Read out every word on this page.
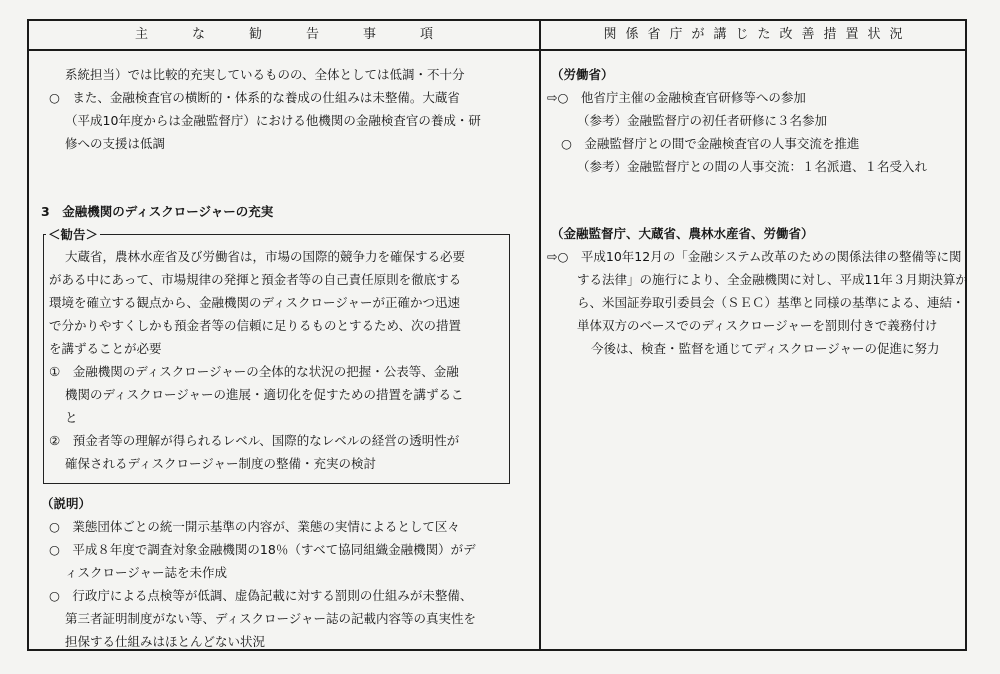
主な勧告事項	関係省庁が講じた改善措置状況
系統担当）では比較的充実しているものの、全体としては低調・不十分
○　また、金融検査官の横断的・体系的な養成の仕組みは未整備。大蔵省
（平成10年度からは金融監督庁）における他機関の金融検査官の養成・研
修への支援は低調
3　金融機関のディスクロージャーの充実
＜勧告＞
大蔵省，農林水産省及び労働省は，市場の国際的競争力を確保する必要
がある中にあって、市場規律の発揮と預金者等の自己責任原則を徹底する
環境を確立する観点から、金融機関のディスクロージャーが正確かつ迅速
で分かりやすくしかも預金者等の信頼に足りるものとするため、次の措置
を講ずることが必要
①　金融機関のディスクロージャーの全体的な状況の把握・公表等、金融
機関のディスクロージャーの進展・適切化を促すための措置を講ずるこ
と
②　預金者等の理解が得られるレベル、国際的なレベルの経営の透明性が
確保されるディスクロージャー制度の整備・充実の検討
（説明）
○　業態団体ごとの統一開示基準の内容が、業態の実情によるとして区々
○　平成８年度で調査対象金融機関の18％（すべて協同組織金融機関）がデ
ィスクロージャー誌を未作成
○　行政庁による点検等が低調、虚偽記載に対する罰則の仕組みが未整備、
第三者証明制度がない等、ディスクロージャー誌の記載内容等の真実性を
担保する仕組みはほとんどない状況
（労働省）
⇨○　他省庁主催の金融検査官研修等への参加
（参考）金融監督庁の初任者研修に３名参加
○　金融監督庁との間で金融検査官の人事交流を推進
（参考）金融監督庁との間の人事交流：１名派遣、１名受入れ
（金融監督庁、大蔵省、農林水産省、労働省）
⇨○　平成10年12月の「金融システム改革のための関係法律の整備等に関
する法律」の施行により、全金融機関に対し、平成11年３月期決算か
ら、米国証券取引委員会（ＳＥＣ）基準と同様の基準による、連結・
単体双方のベースでのディスクロージャーを罰則付きで義務付け
今後は、検査・監督を通じてディスクロージャーの促進に努力
